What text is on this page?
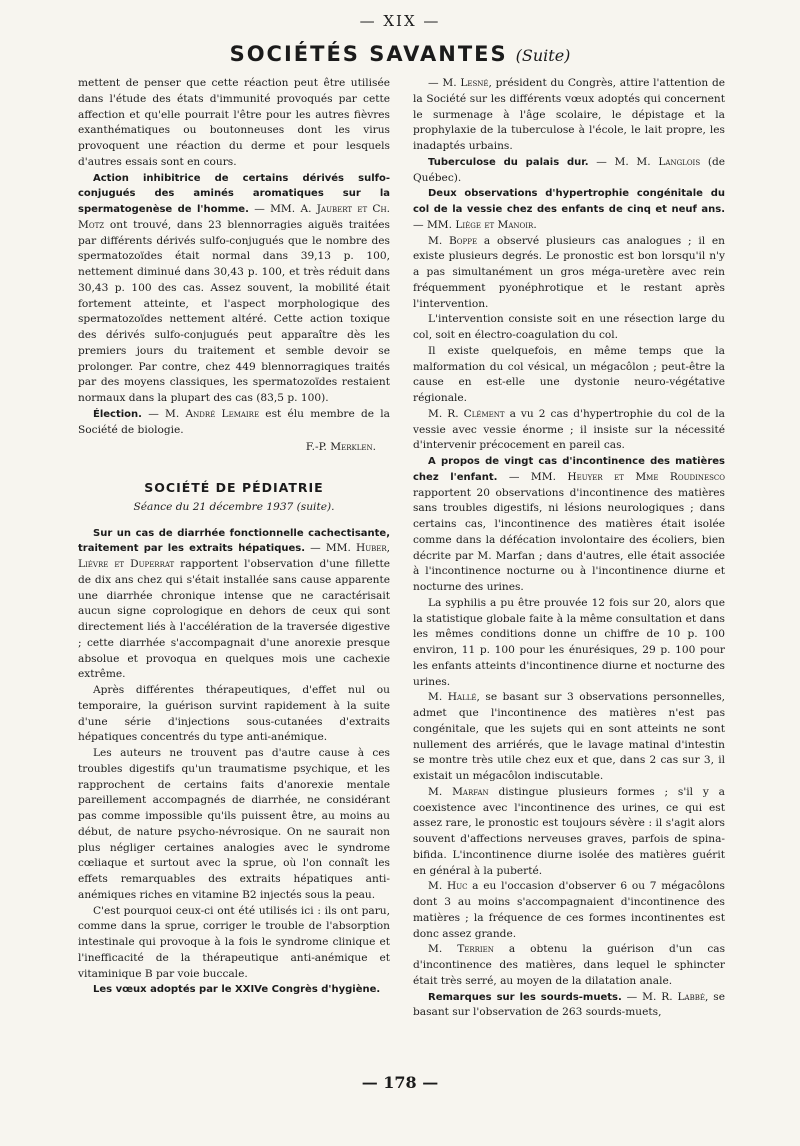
— XIX —
SOCIÉTÉS SAVANTES (Suite)

mettent de penser que cette réaction peut être utilisée dans l'étude des états d'immunité provoqués par cette affection et qu'elle pourrait l'être pour les autres fièvres exanthématiques ou boutonneuses dont les virus provoquent une réaction du derme et pour lesquels d'autres essais sont en cours.

Action inhibitrice de certains dérivés sulfo-conjugués des aminés aromatiques sur la spermatogenèse de l'homme. — MM. A. Jaubert et Ch. Motz ont trouvé, dans 23 blennorragies aiguës traitées par différents dérivés sulfo-conjugués que le nombre des spermatozoïdes était normal dans 39,13 p. 100, nettement diminué dans 30,43 p. 100, et très réduit dans 30,43 p. 100 des cas. Assez souvent, la mobilité était fortement atteinte, et l'aspect morphologique des spermatozoïdes nettement altéré. Cette action toxique des dérivés sulfo-conjugués peut apparaître dès les premiers jours du traitement et semble devoir se prolonger. Par contre, chez 449 blennorragiques traités par des moyens classiques, les spermatozoïdes restaient normaux dans la plupart des cas (83,5 p. 100).

Élection. — M. André Lemaire est élu membre de la Société de biologie.

F.-P. Merklen.
SOCIÉTÉ DE PÉDIATRIE
Séance du 21 décembre 1937 (suite).

Sur un cas de diarrhée fonctionnelle cachectisante, traitement par les extraits hépatiques. — MM. Huber, Liévre et Duperrat rapportent l'observation d'une fillette de dix ans chez qui s'était installée sans cause apparente une diarrhée chronique intense que ne caractérisait aucun signe coprologique en dehors de ceux qui sont directement liés à l'accélération de la traversée digestive ; cette diarrhée s'accompagnait d'une anorexie presque absolue et provoqua en quelques mois une cachexie extrême.

Après différentes thérapeutiques, d'effet nul ou temporaire, la guérison survint rapidement à la suite d'une série d'injections sous-cutanées d'extraits hépatiques concentrés du type anti-anémique.

Les auteurs ne trouvent pas d'autre cause à ces troubles digestifs qu'un traumatisme psychique, et les rapprochent de certains faits d'anorexie mentale pareillement accompagnés de diarrhée, ne considérant pas comme impossible qu'ils puissent être, au moins au début, de nature psycho-névrosique. On ne saurait non plus négliger certaines analogies avec le syndrome cœliaque et surtout avec la sprue, où l'on connaît les effets remarquables des extraits hépatiques anti-anémiques riches en vitamine B2 injectés sous la peau.

C'est pourquoi ceux-ci ont été utilisés ici : ils ont paru, comme dans la sprue, corriger le trouble de l'absorption intestinale qui provoque à la fois le syndrome clinique et l'inefficacité de la thérapeutique anti-anémique et vitaminique B par voie buccale.

Les vœux adoptés par le XXIVe Congrès d'hygiène.

— M. Lesné, président du Congrès, attire l'attention de la Société sur les différents vœux adoptés qui concernent le surmenage à l'âge scolaire, le dépistage et la prophylaxie de la tuberculose à l'école, le lait propre, les inadaptés urbains.

Tuberculose du palais dur. — M. M. Langlois (de Québec).

Deux observations d'hypertrophie congénitale du col de la vessie chez des enfants de cinq et neuf ans. — MM. Liège et Manoir.

M. Boppe a observé plusieurs cas analogues ; il en existe plusieurs degrés. Le pronostic est bon lorsqu'il n'y a pas simultanément un gros méga-uretère avec rein fréquemment pyonéphrotique et le restant après l'intervention.

L'intervention consiste soit en une résection large du col, soit en électro-coagulation du col.

Il existe quelquefois, en même temps que la malformation du col vésical, un mégacôlon ; peut-être la cause en est-elle une dystonie neuro-végétative régionale.

M. R. Clément a vu 2 cas d'hypertrophie du col de la vessie avec vessie énorme ; il insiste sur la nécessité d'intervenir précocement en pareil cas.

A propos de vingt cas d'incontinence des matières chez l'enfant. — MM. Heuyer et Mme Roudinesco rapportent 20 observations d'incontinence des matières sans troubles digestifs, ni lésions neurologiques ; dans certains cas, l'incontinence des matières était isolée comme dans la défécation involontaire des écoliers, bien décrite par M. Marfan ; dans d'autres, elle était associée à l'incontinence nocturne ou à l'incontinence diurne et nocturne des urines.

La syphilis a pu être prouvée 12 fois sur 20, alors que la statistique globale faite à la même consultation et dans les mêmes conditions donne un chiffre de 10 p. 100 environ, 11 p. 100 pour les énurésiques, 29 p. 100 pour les enfants atteints d'incontinence diurne et nocturne des urines.

M. Hallé, se basant sur 3 observations personnelles, admet que l'incontinence des matières n'est pas congénitale, que les sujets qui en sont atteints ne sont nullement des arriérés, que le lavage matinal d'intestin se montre très utile chez eux et que, dans 2 cas sur 3, il existait un mégacôlon indiscutable.

M. Marfan distingue plusieurs formes ; s'il y a coexistence avec l'incontinence des urines, ce qui est assez rare, le pronostic est toujours sévère : il s'agit alors souvent d'affections nerveuses graves, parfois de spina-bifida. L'incontinence diurne isolée des matières guérit en général à la puberté.

M. Huc a eu l'occasion d'observer 6 ou 7 mégacôlons dont 3 au moins s'accompagnaient d'incontinence des matières ; la fréquence de ces formes incontinentes est donc assez grande.

M. Terrien a obtenu la guérison d'un cas d'incontinence des matières, dans lequel le sphincter était très serré, au moyen de la dilatation anale.

Remarques sur les sourds-muets. — M. R. Labbé, se basant sur l'observation de 263 sourds-muets,

— 178 —
